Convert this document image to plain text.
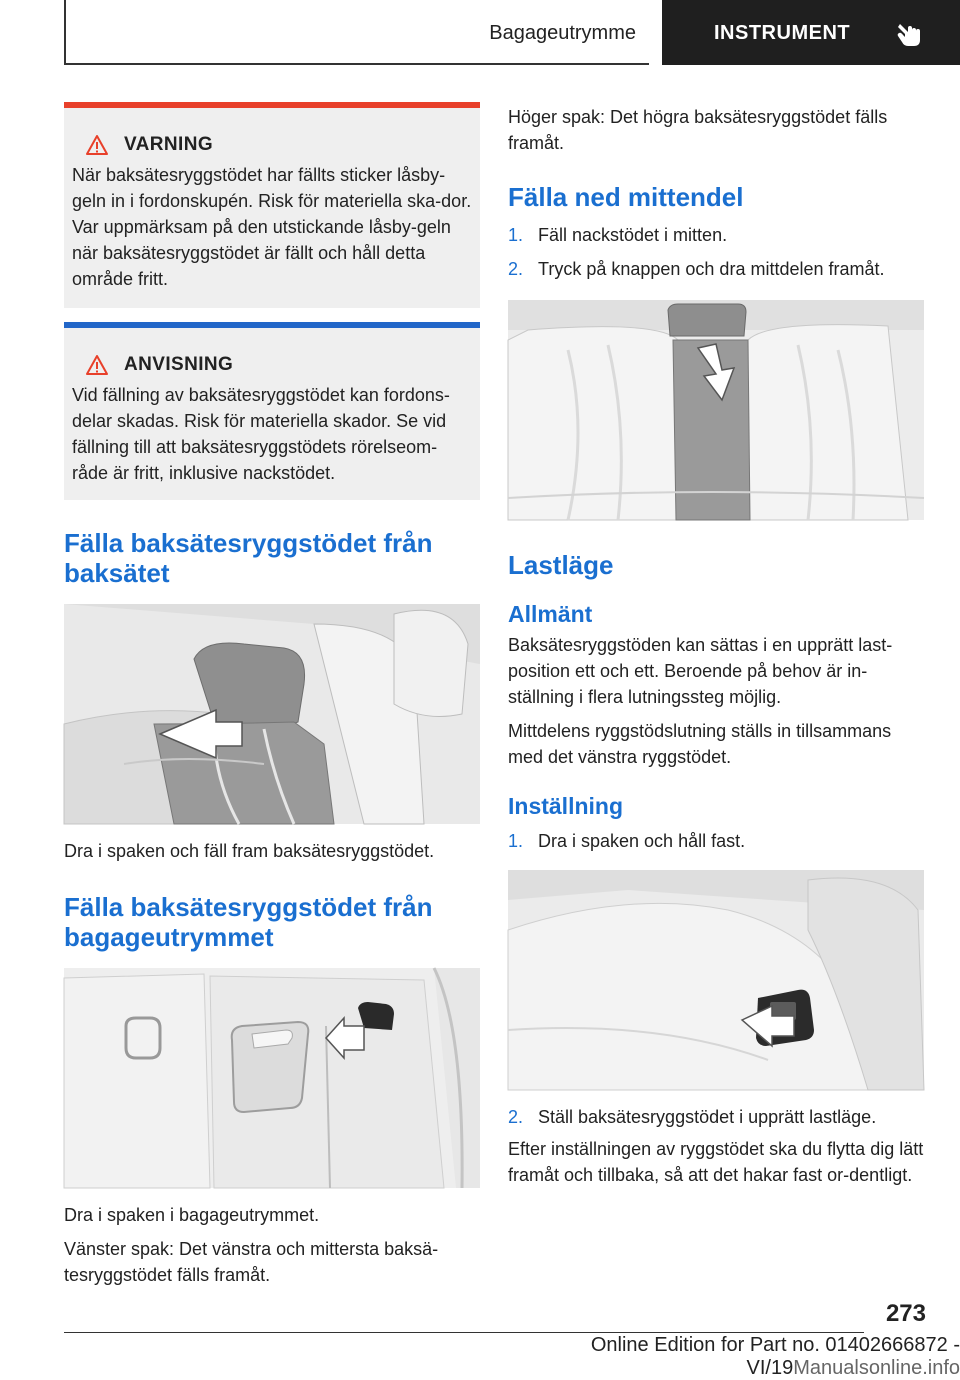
Bagageutrymme	INSTRUMENT
VARNING
När baksätesryggstödet har fällts sticker låsby-geln in i fordonskupén. Risk för materiella ska-dor. Var uppmärksam på den utstickande låsby-geln när baksätesryggstödet är fällt och håll detta område fritt.
ANVISNING
Vid fällning av baksätesryggstödet kan fordons-delar skadas. Risk för materiella skador. Se vid fällning till att baksätesryggstödets rörelseom-råde är fritt, inklusive nackstödet.
Fälla baksätesryggstödet från baksätet

Dra i spaken och fäll fram baksätesryggstödet.

Fälla baksätesryggstödet från bagageutrymmet

Dra i spaken i bagageutrymmet.

Vänster spak: Det vänstra och mittersta baksä-tesryggstödet fälls framåt.

Höger spak: Det högra baksätesryggstödet fälls framåt.

Fälla ned mittendel
1. Fäll nackstödet i mitten.
2. Tryck på knappen och dra mittdelen framåt.
Lastläge
Allmänt

Baksätesryggstöden kan sättas i en upprätt last-position ett och ett. Beroende på behov är in-ställning i flera lutningssteg möjlig.

Mittdelens ryggstödslutning ställs in tillsammans med det vänstra ryggstödet.

Inställning
1. Dra i spaken och håll fast.
2. Ställ baksätesryggstödet i upprätt lastläge.

Efter inställningen av ryggstödet ska du flytta dig lätt framåt och tillbaka, så att det hakar fast or-dentligt.

273
Online Edition for Part no. 01402666872 - VI/19Manualsonline.info
